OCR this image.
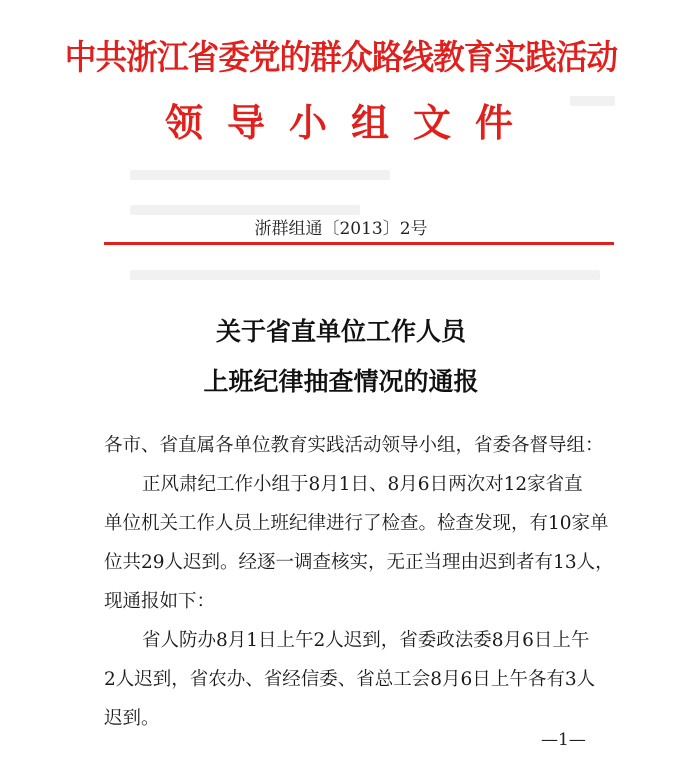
中共浙江省委党的群众路线教育实践活动
领导小组文件
浙群组通〔2013〕2号
关于省直单位工作人员
上班纪律抽查情况的通报
各市、省直属各单位教育实践活动领导小组，省委各督导组：
正风肃纪工作小组于8月1日、8月6日两次对12家省直
单位机关工作人员上班纪律进行了检查。检查发现，有10家单
位共29人迟到。经逐一调查核实，无正当理由迟到者有13人，
现通报如下：
省人防办8月1日上午2人迟到，省委政法委8月6日上午
2人迟到，省农办、省经信委、省总工会8月6日上午各有3人
迟到。
—1—
